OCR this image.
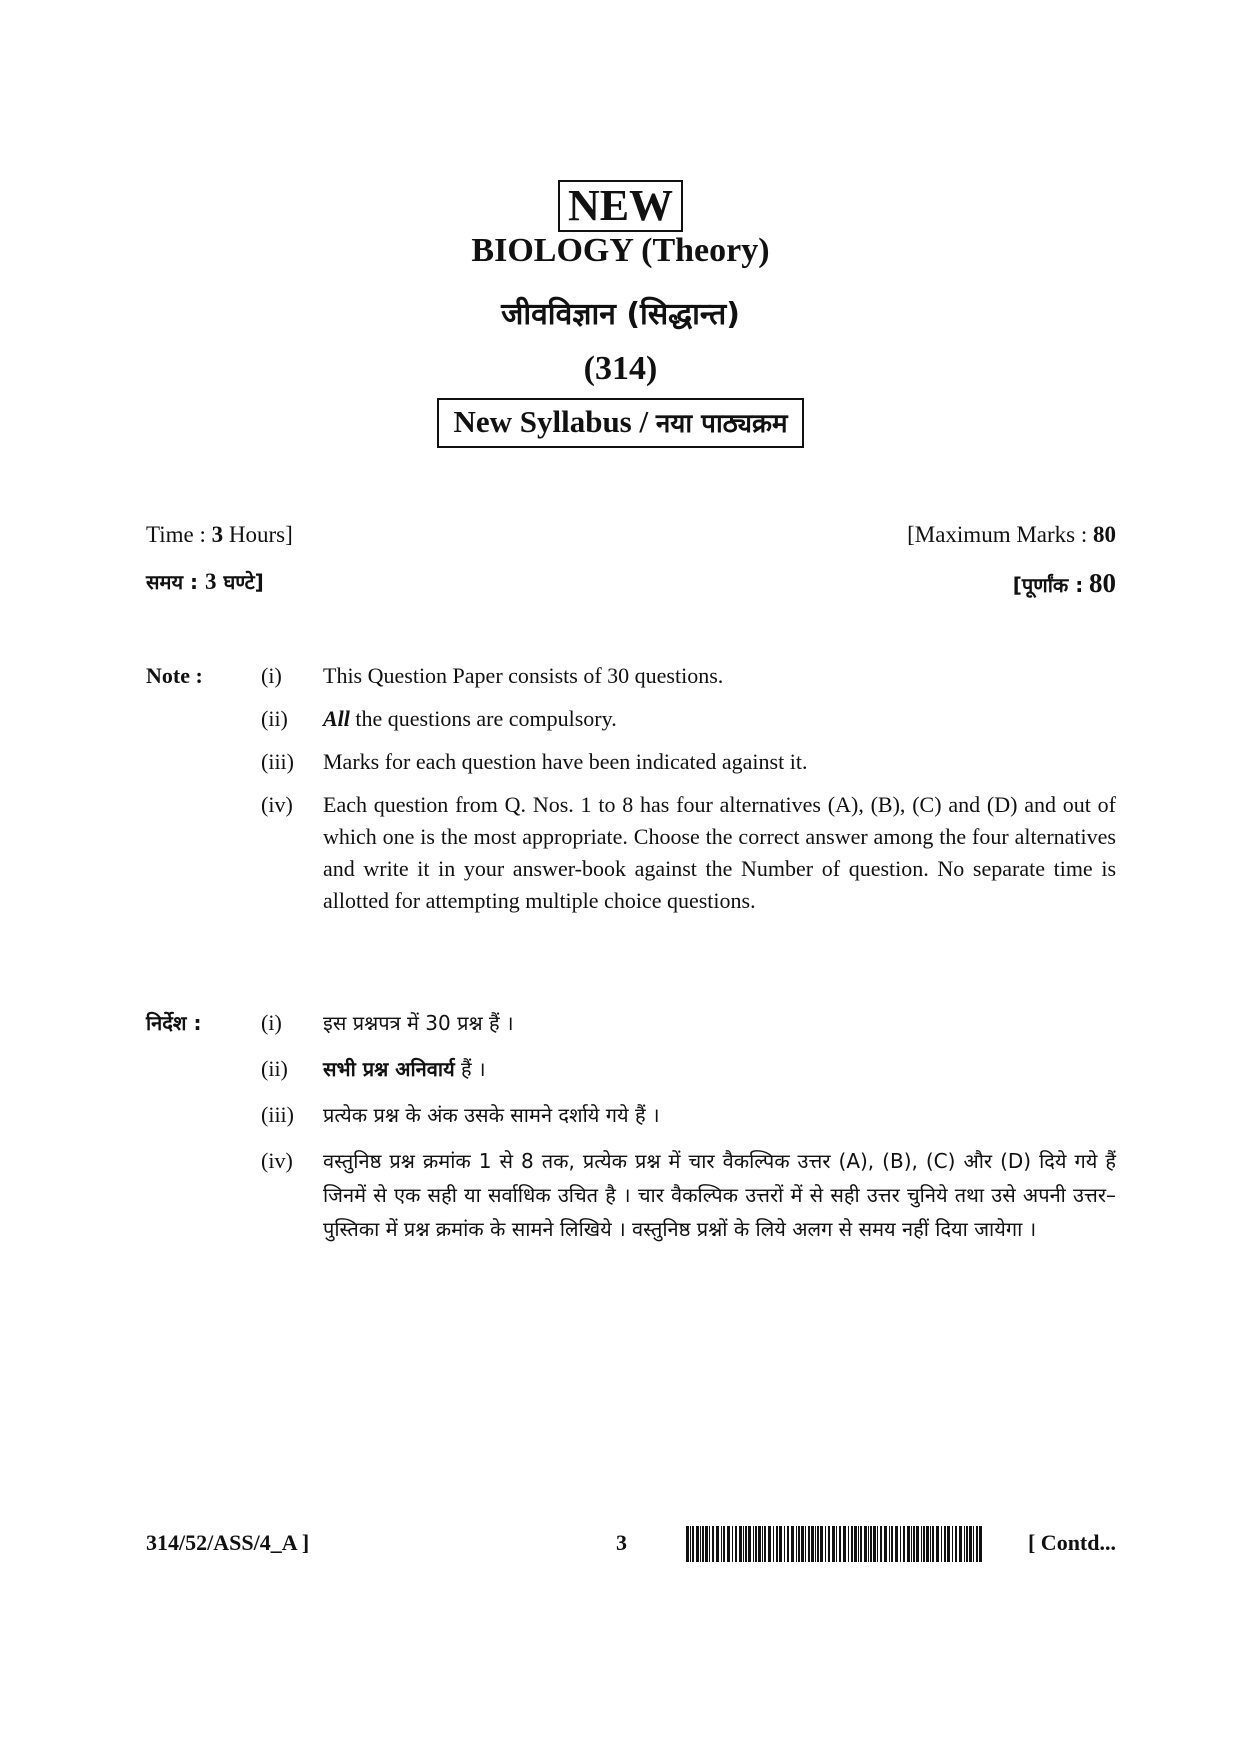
NEW
BIOLOGY (Theory)
जीवविज्ञान (सिद्धान्त)
(314)
New Syllabus / नया पाठ्यक्रम
Time : 3 Hours]	[Maximum Marks : 80
समय : 3 घण्टे]	[पूर्णांक : 80
Note :	(i) This Question Paper consists of 30 questions.
(ii) All the questions are compulsory.
(iii) Marks for each question have been indicated against it.
(iv) Each question from Q. Nos. 1 to 8 has four alternatives (A), (B), (C) and (D) and out of which one is the most appropriate. Choose the correct answer among the four alternatives and write it in your answer-book against the Number of question. No separate time is allotted for attempting multiple choice questions.
निर्देश :	(i) इस प्रश्नपत्र में 30 प्रश्न हैं ।
(ii) सभी प्रश्न अनिवार्य हैं ।
(iii) प्रत्येक प्रश्न के अंक उसके सामने दर्शाये गये हैं ।
(iv) वस्तुनिष्ठ प्रश्न क्रमांक 1 से 8 तक, प्रत्येक प्रश्न में चार वैकल्पिक उत्तर (A), (B), (C) और (D) दिये गये हैं जिनमें से एक सही या सर्वाधिक उचित है । चार वैकल्पिक उत्तरों में से सही उत्तर चुनिये तथा उसे अपनी उत्तर–पुस्तिका में प्रश्न क्रमांक के सामने लिखिये । वस्तुनिष्ठ प्रश्नों के लिये अलग से समय नहीं दिया जायेगा ।
314/52/ASS/4_A ]	3	[ Contd...
